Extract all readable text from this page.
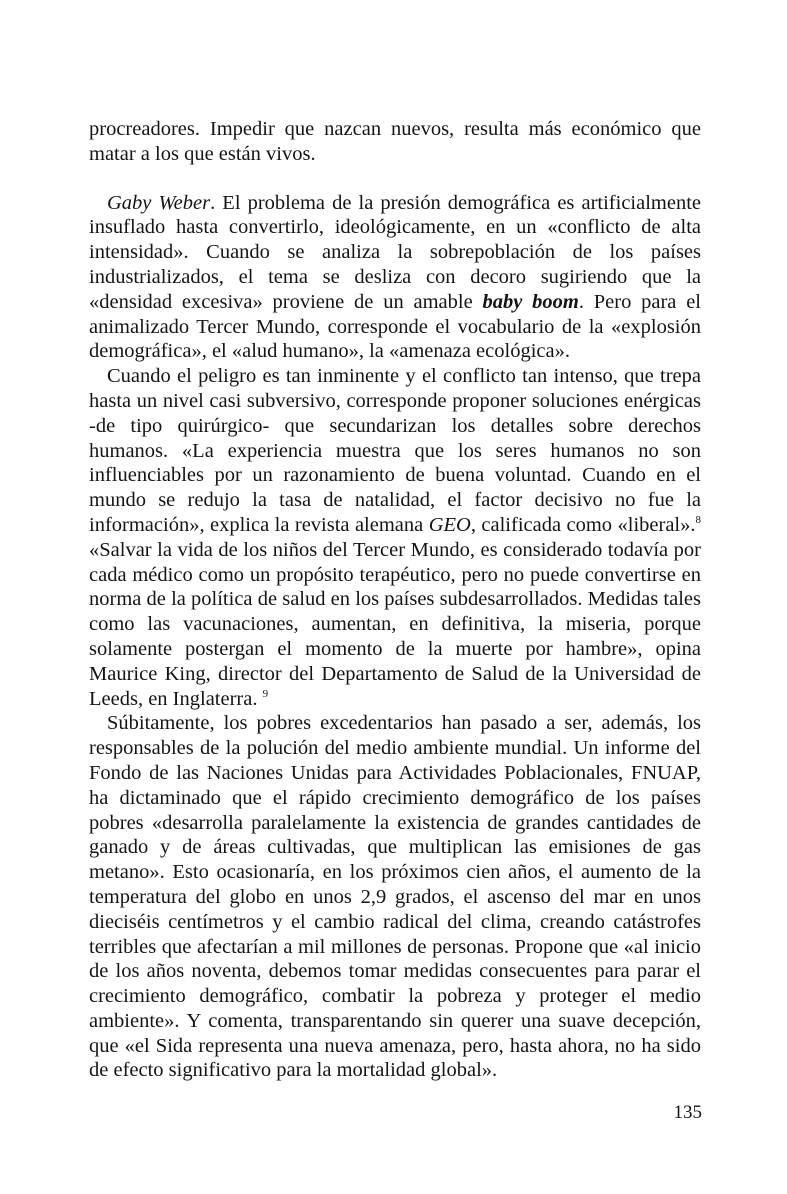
procreadores. Impedir que nazcan nuevos, resulta más económico que matar a los que están vivos.

Gaby Weber. El problema de la presión demográfica es artificialmente insuflado hasta convertirlo, ideológicamente, en un «conflicto de alta intensidad». Cuando se analiza la sobrepoblación de los países industrializados, el tema se desliza con decoro sugiriendo que la «densidad excesiva» proviene de un amable baby boom. Pero para el animalizado Tercer Mundo, corresponde el vocabulario de la «explosión demográfica», el «alud humano», la «amenaza ecológica».

Cuando el peligro es tan inminente y el conflicto tan intenso, que trepa hasta un nivel casi subversivo, corresponde proponer soluciones enérgicas -de tipo quirúrgico- que secundarizan los detalles sobre derechos humanos. «La experiencia muestra que los seres humanos no son influenciables por un razonamiento de buena voluntad. Cuando en el mundo se redujo la tasa de natalidad, el factor decisivo no fue la información», explica la revista alemana GEO, calificada como «liberal».$^8$ «Salvar la vida de los niños del Tercer Mundo, es considerado todavía por cada médico como un propósito terapéutico, pero no puede convertirse en norma de la política de salud en los países subdesarrollados. Medidas tales como las vacunaciones, aumentan, en definitiva, la miseria, porque solamente postergan el momento de la muerte por hambre», opina Maurice King, director del Departamento de Salud de la Universidad de Leeds, en Inglaterra. $^9$

Súbitamente, los pobres excedentarios han pasado a ser, además, los responsables de la polución del medio ambiente mundial. Un informe del Fondo de las Naciones Unidas para Actividades Poblacionales, FNUAP, ha dictaminado que el rápido crecimiento demográfico de los países pobres «desarrolla paralelamente la existencia de grandes cantidades de ganado y de áreas cultivadas, que multiplican las emisiones de gas metano». Esto ocasionaría, en los próximos cien años, el aumento de la temperatura del globo en unos 2,9 grados, el ascenso del mar en unos dieciséis centímetros y el cambio radical del clima, creando catástrofes terribles que afectarían a mil millones de personas. Propone que «al inicio de los años noventa, debemos tomar medidas consecuentes para parar el crecimiento demográfico, combatir la pobreza y proteger el medio ambiente». Y comenta, transparentando sin querer una suave decepción, que «el Sida representa una nueva amenaza, pero, hasta ahora, no ha sido de efecto significativo para la mortalidad global».

135
